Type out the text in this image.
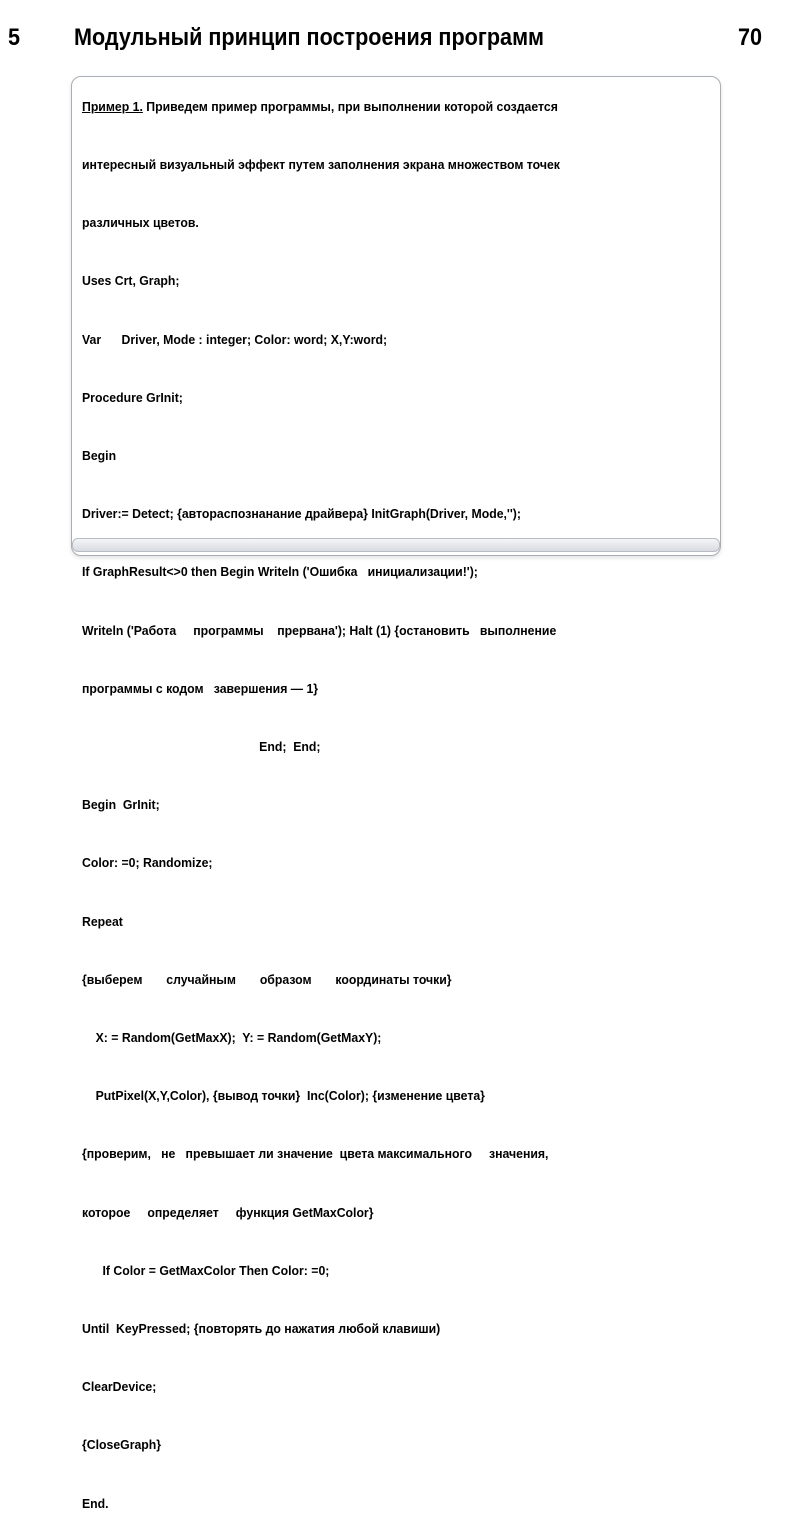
5 Модульный принцип построения программ	70

Пример 1. Приведем пример программы, при выполнении которой создается

интересный визуальный эффект путем заполнения экрана множеством точек

различных цветов.

Uses Crt, Graph;

Var      Driver, Mode : integer; Color: word; X,Y:word;

Procedure GrInit;

Begin

Driver:= Detect; {автораспознанание драйвера} InitGraph(Driver, Mode,'');

If GraphResult<>0 then Begin Writeln ('Ошибка   инициализации!');

Writeln ('Работа     программы    прервана'); Halt (1) {остановить   выполнение

программы с кодом   завершения — 1}

End;  End;

Begin  GrInit;

Color: =0; Randomize;

Repeat

{выберем       случайным       образом       координаты точки}

X: = Random(GetMaxX);  Y: = Random(GetMaxY);

PutPixel(X,Y,Color), {вывод точки}  Inc(Color); {изменение цвета}

{проверим,   не   превышает ли значение  цвета максимального     значения,

которое     определяет     функция GetMaxColor}

If Color = GetMaxColor Then Color: =0;

Until  KeyPressed; {повторять до нажатия любой клавиши)

ClearDevice;

{CloseGraph}

End.
